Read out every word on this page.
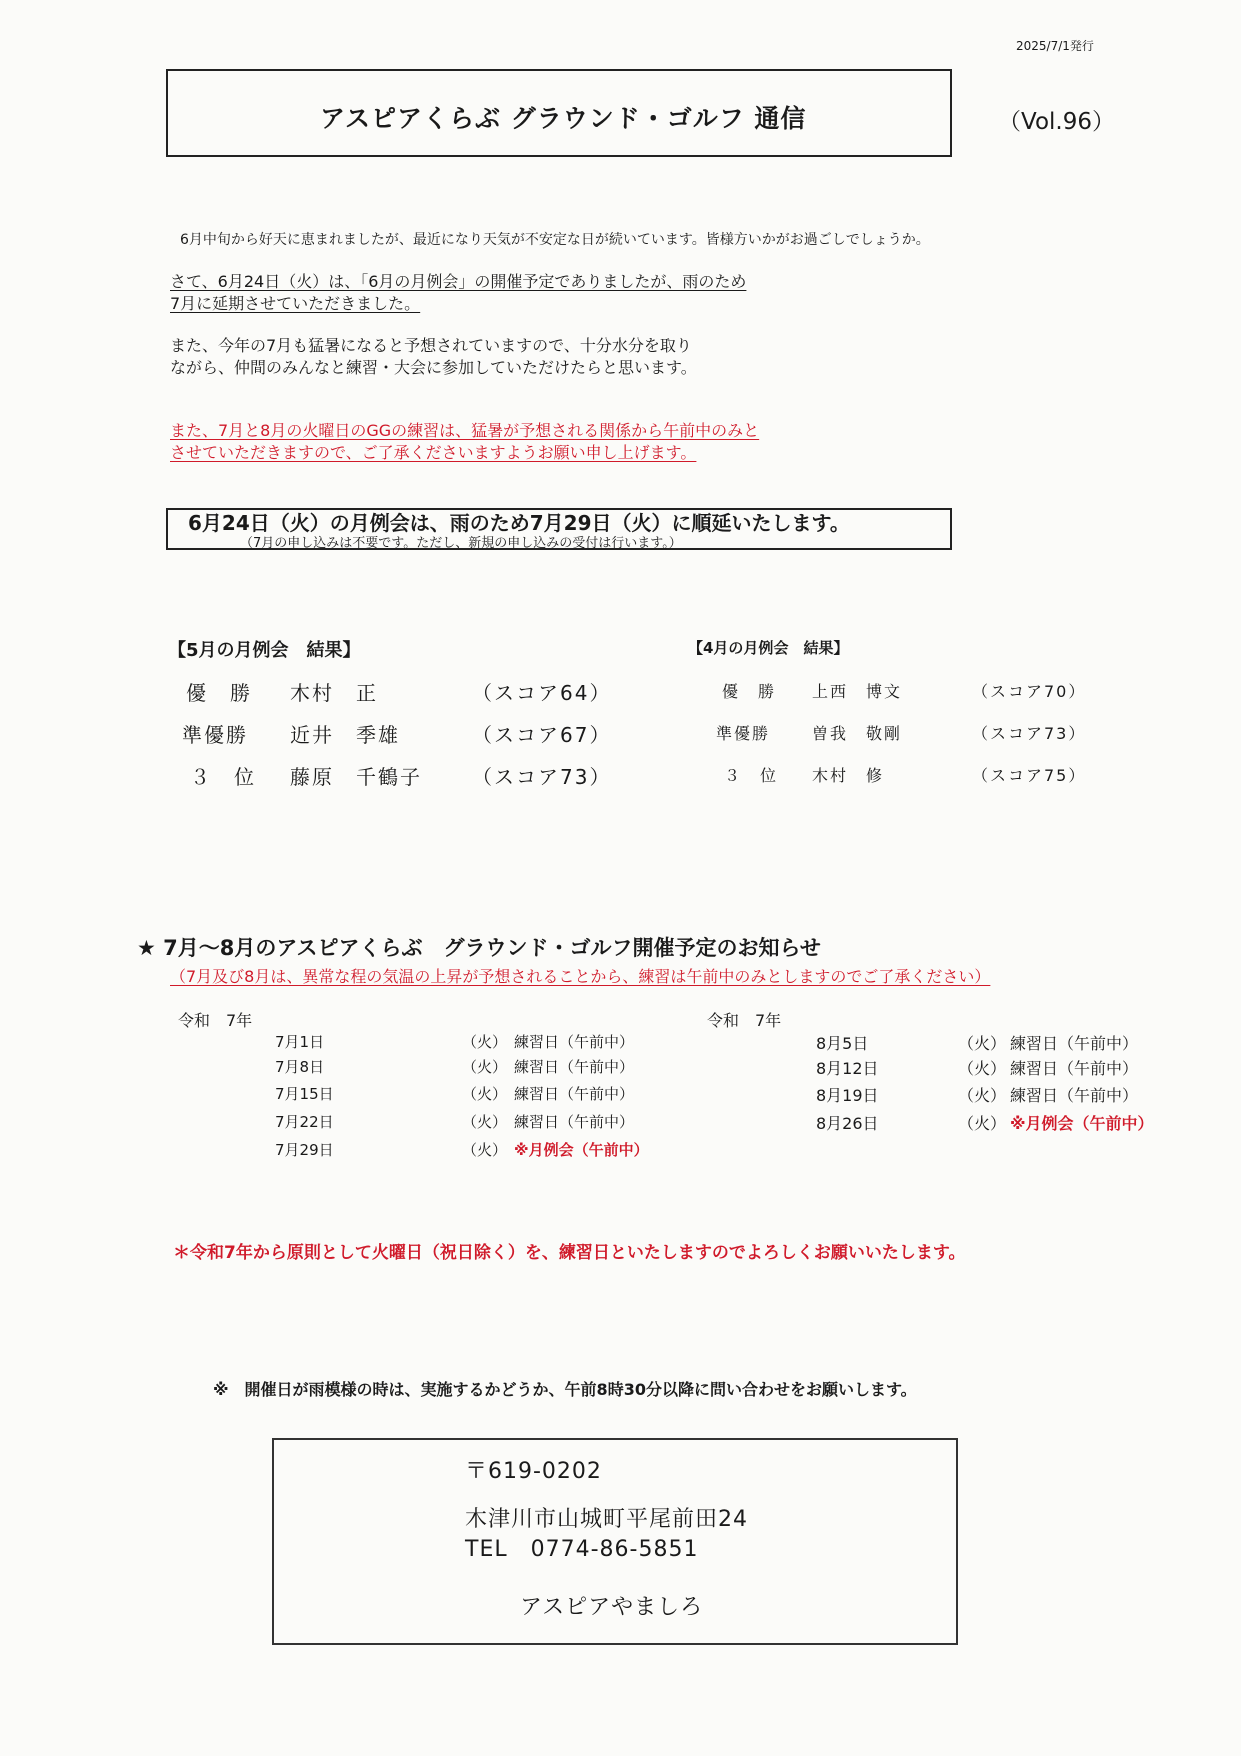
2025/7/1発行
アスピアくらぶ グラウンド・ゴルフ 通信	（Vol.96）
6月中旬から好天に恵まれましたが、最近になり天気が不安定な日が続いています。皆様方いかがお過ごしでしょうか。
さて、6月24日（火）は、「6月の月例会」の開催予定でありましたが、雨のため
7月に延期させていただきました。
また、今年の7月も猛暑になると予想されていますので、十分水分を取り
ながら、仲間のみんなと練習・大会に参加していただけたらと思います。
また、7月と8月の火曜日のGGの練習は、猛暑が予想される関係から午前中のみと
させていただきますので、ご了承くださいますようお願い申し上げます。
6月24日（火）の月例会は、雨のため7月29日（火）に順延いたします。
（7月の申し込みは不要です。ただし、新規の申し込みの受付は行います。）
【5月の月例会　結果】
優　勝 木村　正	（スコア64）
準優勝 近井　季雄	（スコア67）
３　位 藤原　千鶴子	（スコア73）
【4月の月例会　結果】
優　勝 上西　博文	（スコア70）
準優勝	曽我　敬剛	（スコア73）
３　位 木村　修	（スコア75）
★ 7月～8月のアスピアくらぶ　グラウンド・ゴルフ開催予定のお知らせ
（7月及び8月は、異常な程の気温の上昇が予想されることから、練習は午前中のみとしますのでご了承ください）
令和　7年
7月1日	（火） 練習日（午前中）
7月8日	（火） 練習日（午前中）
7月15日	（火） 練習日（午前中）
7月22日	（火） 練習日（午前中）
7月29日	（火） ※月例会（午前中）
令和　7年
8月5日	（火） 練習日（午前中）
8月12日	（火） 練習日（午前中）
8月19日	（火） 練習日（午前中）
8月26日	（火） ※月例会（午前中）
＊令和7年から原則として火曜日（祝日除く）を、練習日といたしますのでよろしくお願いいたします。
※　開催日が雨模様の時は、実施するかどうか、午前8時30分以降に問い合わせをお願いします。
〒619-0202
木津川市山城町平尾前田24
TEL　0774-86-5851
アスピアやましろ
